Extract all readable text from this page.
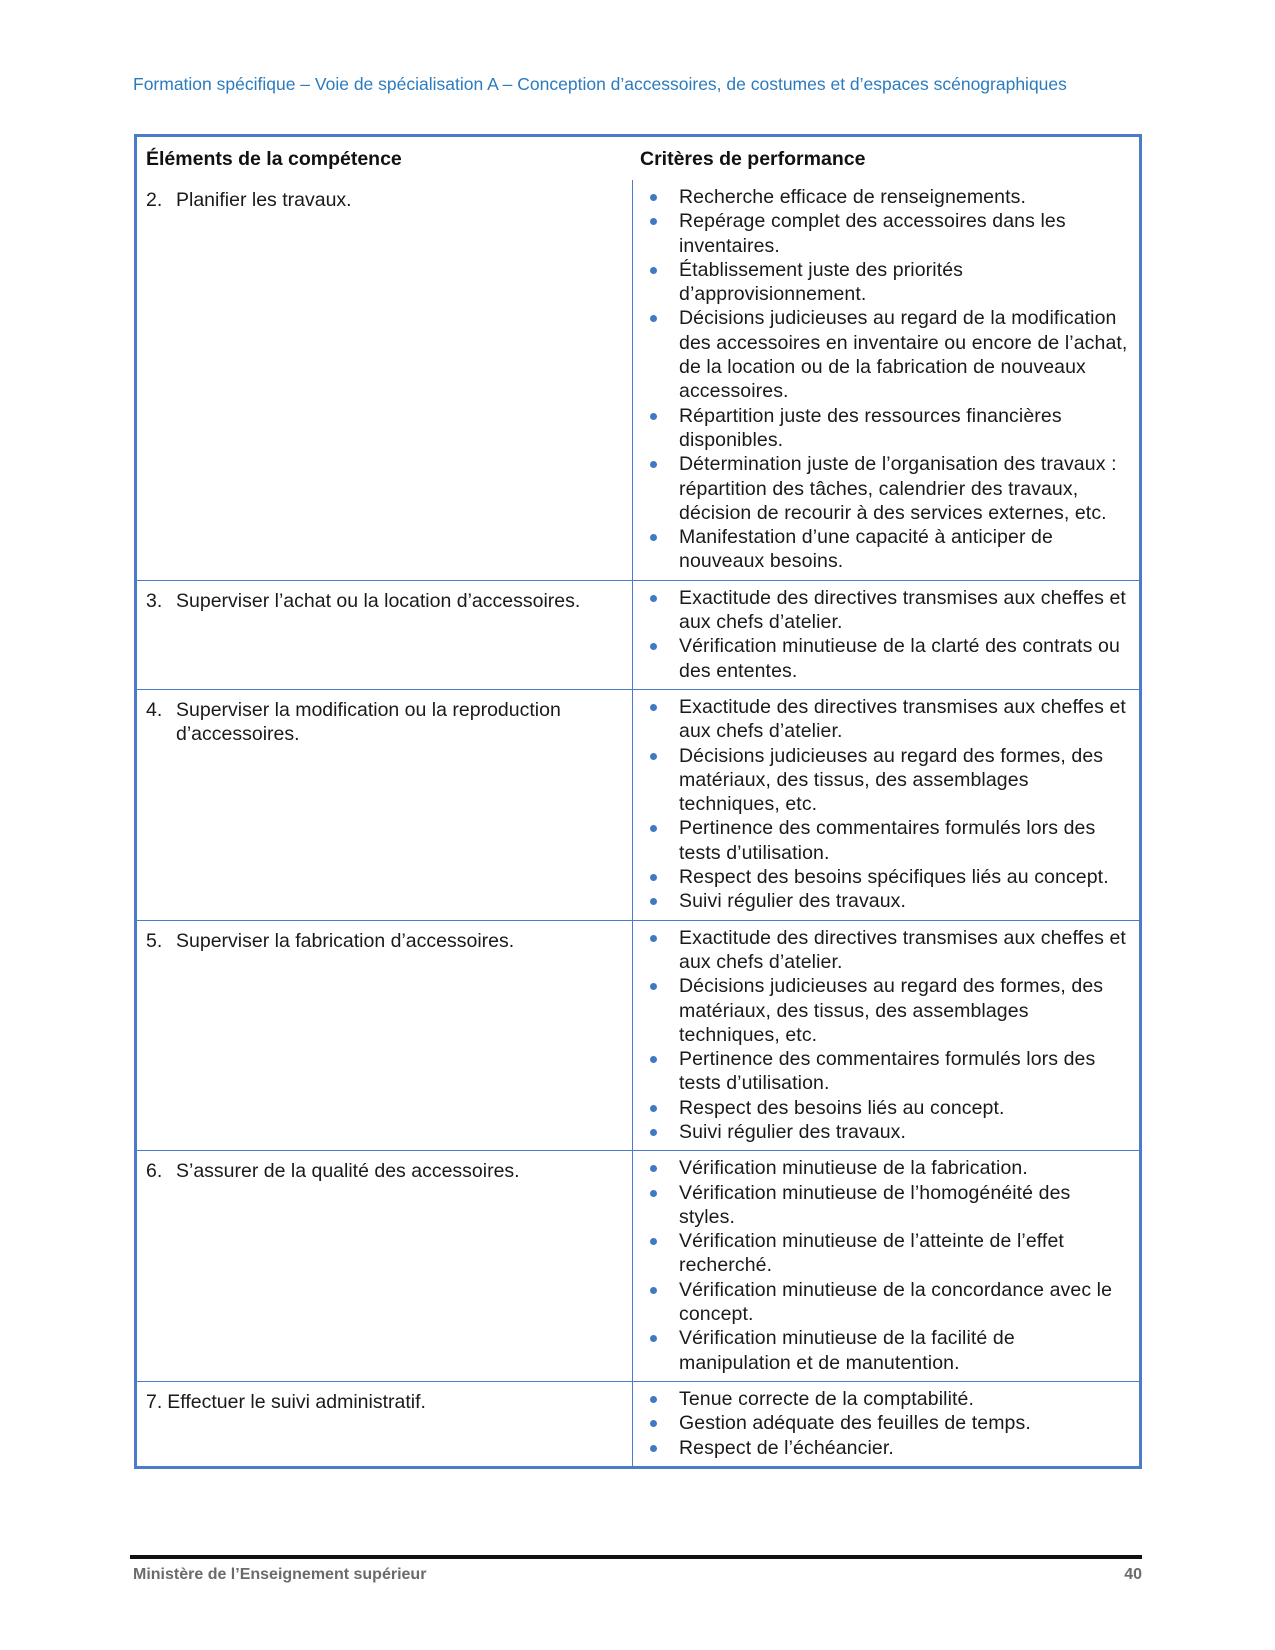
Formation spécifique – Voie de spécialisation A – Conception d’accessoires, de costumes et d’espaces scénographiques
Éléments de la compétence	Critères de performance
2. Planifier les travaux.	Recherche efficace de renseignements.
Repérage complet des accessoires dans les inventaires.
Établissement juste des priorités d’approvisionnement.
Décisions judicieuses au regard de la modification des accessoires en inventaire ou encore de l’achat, de la location ou de la fabrication de nouveaux accessoires.
Répartition juste des ressources financières disponibles.
Détermination juste de l’organisation des travaux : répartition des tâches, calendrier des travaux, décision de recourir à des services externes, etc.
Manifestation d’une capacité à anticiper de nouveaux besoins.
3. Superviser l’achat ou la location d’accessoires.	Exactitude des directives transmises aux cheffes et aux chefs d’atelier.
Vérification minutieuse de la clarté des contrats ou des ententes.
4. Superviser la modification ou la reproduction d’accessoires.
Exactitude des directives transmises aux cheffes et aux chefs d’atelier.
Décisions judicieuses au regard des formes, des matériaux, des tissus, des assemblages techniques, etc.
Pertinence des commentaires formulés lors des tests d’utilisation.
Respect des besoins spécifiques liés au concept.
Suivi régulier des travaux.
5. Superviser la fabrication d’accessoires.	Exactitude des directives transmises aux cheffes et aux chefs d’atelier.
Décisions judicieuses au regard des formes, des matériaux, des tissus, des assemblages techniques, etc.
Pertinence des commentaires formulés lors des tests d’utilisation.
Respect des besoins liés au concept.
Suivi régulier des travaux.
6. S’assurer de la qualité des accessoires.	Vérification minutieuse de la fabrication.
Vérification minutieuse de l’homogénéité des styles.
Vérification minutieuse de l’atteinte de l’effet recherché.
Vérification minutieuse de la concordance avec le concept.
Vérification minutieuse de la facilité de manipulation et de manutention.
7. Effectuer le suivi administratif.	Tenue correcte de la comptabilité.
Gestion adéquate des feuilles de temps.
Respect de l’échéancier.
Ministère de l’Enseignement supérieur	40
